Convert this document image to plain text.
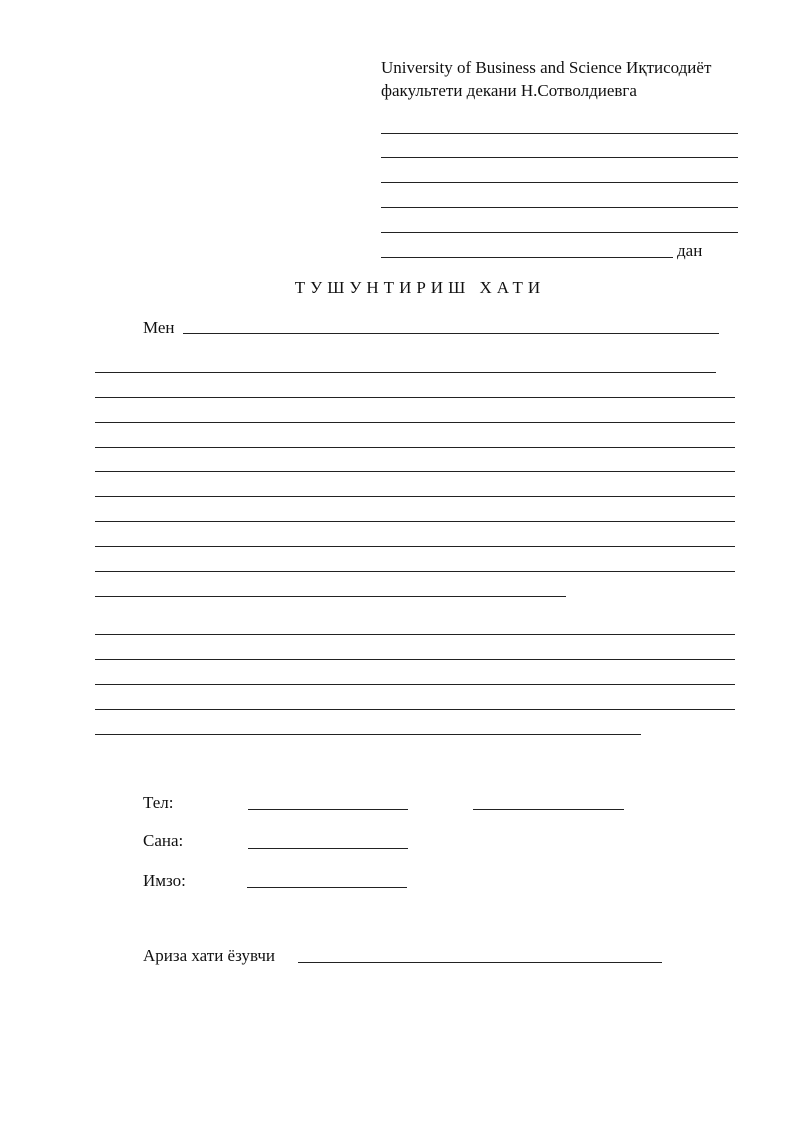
University of Business and Science Иқтисодиёт
факультети декани Н.Сотволдиевга
дан
ТУШУНТИРИШ ХАТИ
Мен
Тел:
Сана:
Имзо:
Ариза хати ёзувчи
